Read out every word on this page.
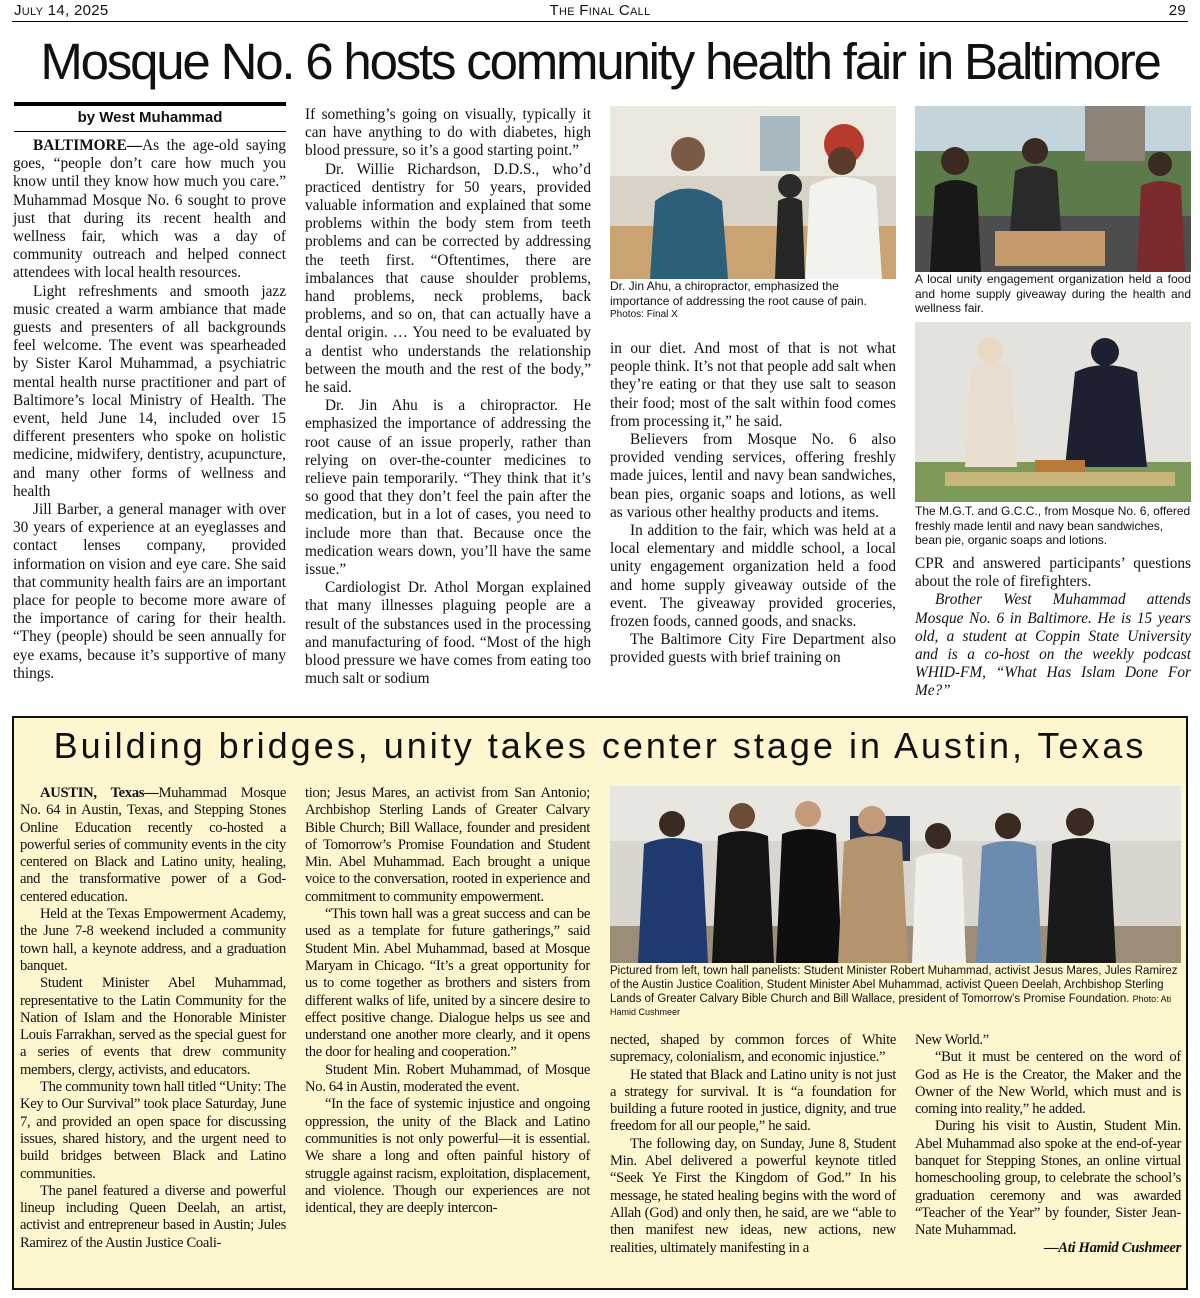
July 14, 2025	The Final Call	29
Mosque No. 6 hosts community health fair in Baltimore
by West Muhammad

BALTIMORE—As the age-old saying goes, “people don’t care how much you know until they know how much you care.” Muhammad Mosque No. 6 sought to prove just that during its recent health and wellness fair, which was a day of community outreach and helped connect attendees with local health resources.

Light refreshments and smooth jazz music created a warm ambiance that made guests and presenters of all backgrounds feel welcome. The event was spearheaded by Sister Karol Muhammad, a psychiatric mental health nurse practitioner and part of Baltimore’s local Ministry of Health. The event, held June 14, included over 15 different presenters who spoke on holistic medicine, midwifery, dentistry, acupuncture, and many other forms of wellness and health

Jill Barber, a general manager with over 30 years of experience at an eyeglasses and contact lenses company, provided information on vision and eye care. She said that community health fairs are an important place for people to become more aware of the importance of caring for their health. “They (people) should be seen annually for eye exams, because it’s supportive of many things.

If something’s going on visually, typically it can have anything to do with diabetes, high blood pressure, so it’s a good starting point.”

Dr. Willie Richardson, D.D.S., who’d practiced dentistry for 50 years, provided valuable information and explained that some problems within the body stem from teeth problems and can be corrected by addressing the teeth first. “Oftentimes, there are imbalances that cause shoulder problems, hand problems, neck problems, back problems, and so on, that can actually have a dental origin. … You need to be evaluated by a dentist who understands the relationship between the mouth and the rest of the body,” he said.

Dr. Jin Ahu is a chiropractor. He emphasized the importance of addressing the root cause of an issue properly, rather than relying on over-the-counter medicines to relieve pain temporarily. “They think that it’s so good that they don’t feel the pain after the medication, but in a lot of cases, you need to include more than that. Because once the medication wears down, you’ll have the same issue.”

Cardiologist Dr. Athol Morgan explained that many illnesses plaguing people are a result of the substances used in the processing and manufacturing of food. “Most of the high blood pressure we have comes from eating too much salt or sodium

Dr. Jin Ahu, a chiropractor, emphasized the importance of addressing the root cause of pain.
Photos: Final X

in our diet. And most of that is not what people think. It’s not that people add salt when they’re eating or that they use salt to season their food; most of the salt within food comes from processing it,” he said.

Believers from Mosque No. 6 also provided vending services, offering freshly made juices, lentil and navy bean sandwiches, bean pies, organic soaps and lotions, as well as various other healthy products and items.

In addition to the fair, which was held at a local elementary and middle school, a local unity engagement organization held a food and home supply giveaway outside of the event. The giveaway provided groceries, frozen foods, canned goods, and snacks.

The Baltimore City Fire Department also provided guests with brief training on

A local unity engagement organization held a food and home supply giveaway during the health and wellness fair.
The M.G.T. and G.C.C., from Mosque No. 6, offered freshly made lentil and navy bean sandwiches, bean pie, organic soaps and lotions.

CPR and answered participants’ questions about the role of firefighters.

Brother West Muhammad attends Mosque No. 6 in Baltimore. He is 15 years old, a student at Coppin State University and is a co-host on the weekly podcast WHID-FM, “What Has Islam Done For Me?”

Building bridges, unity takes center stage in Austin, Texas

AUSTIN, Texas—Muhammad Mosque No. 64 in Austin, Texas, and Stepping Stones Online Education recently co-hosted a powerful series of community events in the city centered on Black and Latino unity, healing, and the transformative power of a God-centered education.

Held at the Texas Empowerment Academy, the June 7-8 weekend included a community town hall, a keynote address, and a graduation banquet.

Student Minister Abel Muhammad, representative to the Latin Community for the Nation of Islam and the Honorable Minister Louis Farrakhan, served as the special guest for a series of events that drew community members, clergy, activists, and educators.

The community town hall titled “Unity: The Key to Our Survival” took place Saturday, June 7, and provided an open space for discussing issues, shared history, and the urgent need to build bridges between Black and Latino communities.

The panel featured a diverse and powerful lineup including Queen Deelah, an artist, activist and entrepreneur based in Austin; Jules Ramirez of the Austin Justice Coali-

tion; Jesus Mares, an activist from San Antonio; Archbishop Sterling Lands of Greater Calvary Bible Church; Bill Wallace, founder and president of Tomorrow’s Promise Foundation and Student Min. Abel Muhammad. Each brought a unique voice to the conversation, rooted in experience and commitment to community empowerment.

“This town hall was a great success and can be used as a template for future gatherings,” said Student Min. Abel Muhammad, based at Mosque Maryam in Chicago. “It’s a great opportunity for us to come together as brothers and sisters from different walks of life, united by a sincere desire to effect positive change. Dialogue helps us see and understand one another more clearly, and it opens the door for healing and cooperation.”

Student Min. Robert Muhammad, of Mosque No. 64 in Austin, moderated the event.

“In the face of systemic injustice and ongoing oppression, the unity of the Black and Latino communities is not only powerful—it is essential. We share a long and often painful history of struggle against racism, exploitation, displacement, and violence. Though our experiences are not identical, they are deeply intercon-

Pictured from left, town hall panelists: Student Minister Robert Muhammad, activist Jesus Mares, Jules Ramirez of the Austin Justice Coalition, Student Minister Abel Muhammad, activist Queen Deelah, Archbishop Sterling Lands of Greater Calvary Bible Church and Bill Wallace, president of Tomorrow’s Promise Foundation. Photo: Ati Hamid Cushmeer

nected, shaped by common forces of White supremacy, colonialism, and economic injustice.”

He stated that Black and Latino unity is not just a strategy for survival. It is “a foundation for building a future rooted in justice, dignity, and true freedom for all our people,” he said.

The following day, on Sunday, June 8, Student Min. Abel delivered a powerful keynote titled “Seek Ye First the Kingdom of God.” In his message, he stated healing begins with the word of Allah (God) and only then, he said, are we “able to then manifest new ideas, new actions, new realities, ultimately manifesting in a

New World.”

“But it must be centered on the word of God as He is the Creator, the Maker and the Owner of the New World, which must and is coming into reality,” he added.

During his visit to Austin, Student Min. Abel Muhammad also spoke at the end-of-year banquet for Stepping Stones, an online virtual homeschooling group, to celebrate the school’s graduation ceremony and was awarded “Teacher of the Year” by founder, Sister Jean-Nate Muhammad.

—Ati Hamid Cushmeer
